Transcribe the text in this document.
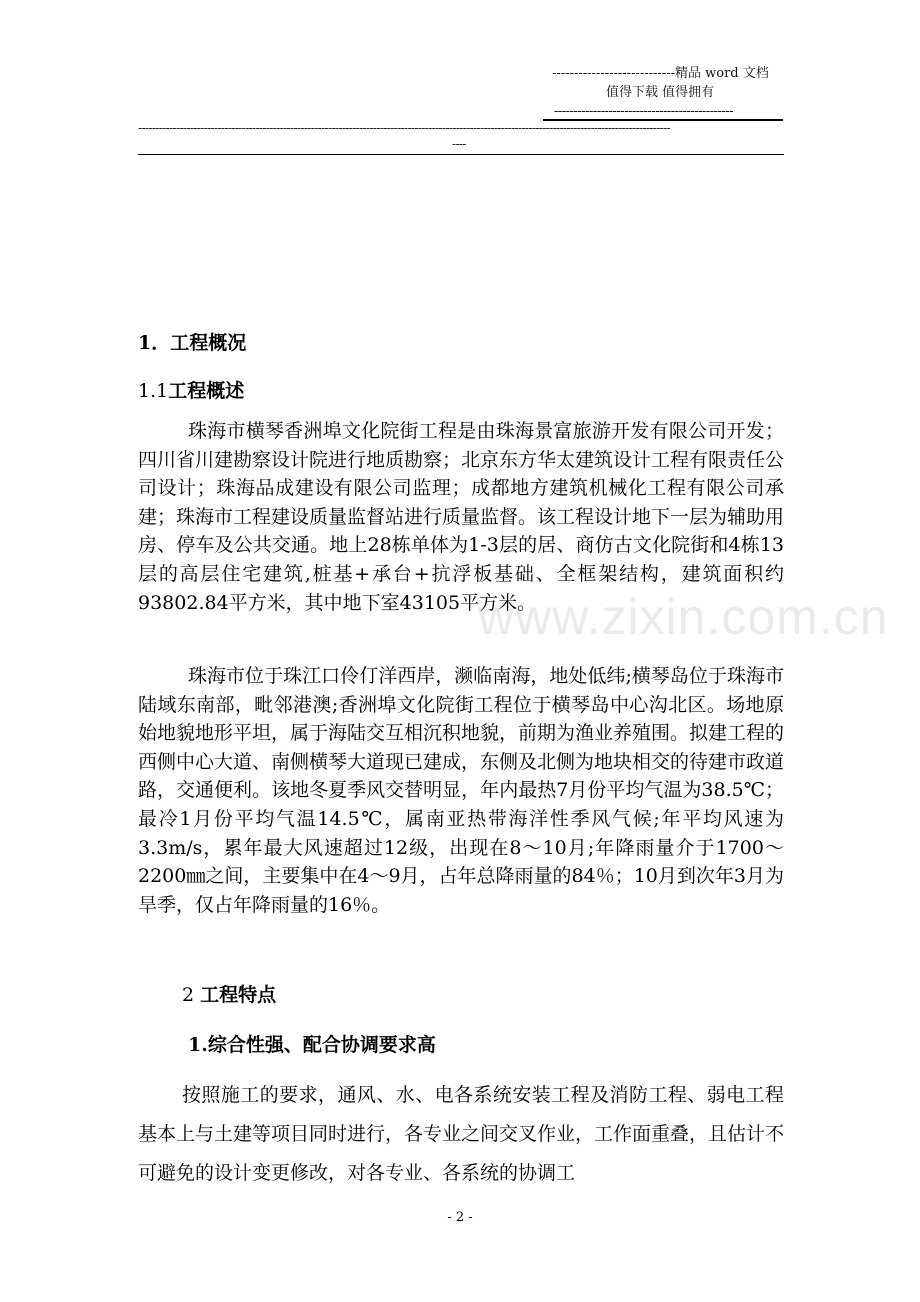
----------------------------精品 word 文档
值得下载 值得拥有
----------------------------------------------
----------------------------------------------------------------------------------------------------------------------------------------------------------
----
www.zixin.com.cn
1．工程概况
1.1工程概述

珠海市横琴香洲埠文化院街工程是由珠海景富旅游开发有限公司开发；四川省川建勘察设计院进行地质勘察；北京东方华太建筑设计工程有限责任公司设计；珠海品成建设有限公司监理；成都地方建筑机械化工程有限公司承建；珠海市工程建设质量监督站进行质量监督。该工程设计地下一层为辅助用房、停车及公共交通。地上28栋单体为1-3层的居、商仿古文化院街和4栋13层的高层住宅建筑,桩基+承台+抗浮板基础、全框架结构，建筑面积约93802.84平方米，其中地下室43105平方米。

珠海市位于珠江口伶仃洋西岸，濒临南海，地处低纬;横琴岛位于珠海市陆域东南部，毗邻港澳;香洲埠文化院街工程位于横琴岛中心沟北区。场地原始地貌地形平坦，属于海陆交互相沉积地貌，前期为渔业养殖围。拟建工程的西侧中心大道、南侧横琴大道现已建成，东侧及北侧为地块相交的待建市政道路，交通便利。该地冬夏季风交替明显，年内最热7月份平均气温为38.5℃；最冷1月份平均气温14.5℃，属南亚热带海洋性季风气候;年平均风速为3.3m/s，累年最大风速超过12级，出现在8～10月;年降雨量介于1700～2200㎜之间，主要集中在4～9月，占年总降雨量的84％；10月到次年3月为旱季，仅占年降雨量的16％。

2 工程特点
1.综合性强、配合协调要求高

按照施工的要求，通风、水、电各系统安装工程及消防工程、弱电工程基本上与土建等项目同时进行，各专业之间交叉作业，工作面重叠，且估计不可避免的设计变更修改，对各专业、各系统的协调工

- 2 -
